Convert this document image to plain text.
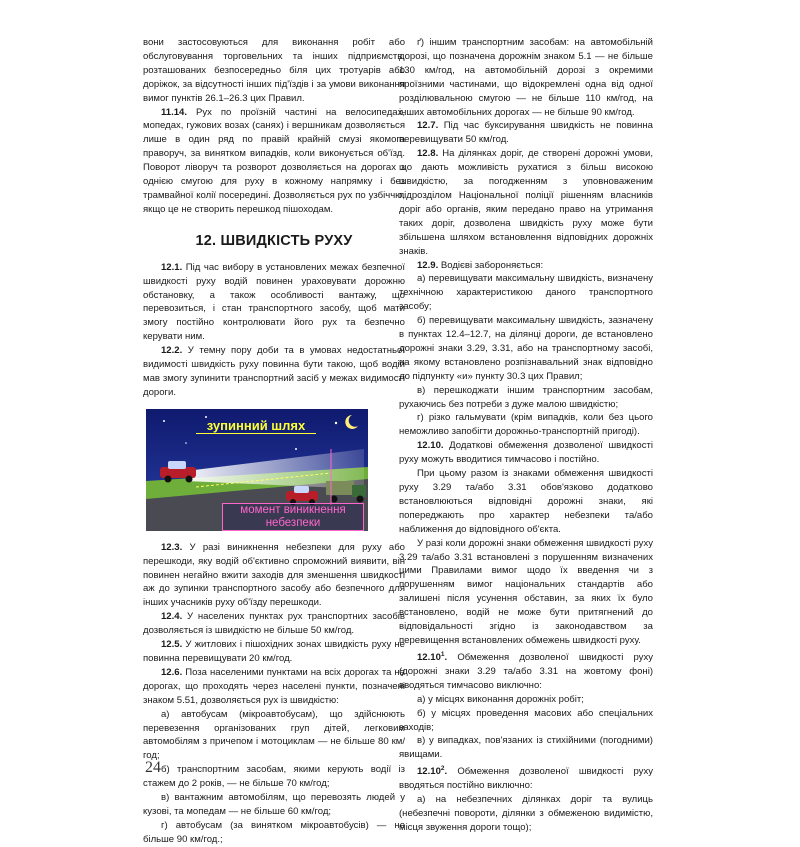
вони застосовуються для виконання робіт або обслуговування торговельних та інших підприємств, розташованих безпосередньо біля цих тротуарів або доріжок, за відсутності інших під'їздів і за умови виконання вимог пунктів 26.1–26.3 цих Правил.

11.14. Рух по проїзній частині на велосипедах, мопедах, гужових возах (санях) і вершникам дозволяється лише в один ряд по правій крайній смузі якомога праворуч, за винятком випадків, коли виконується об'їзд. Поворот ліворуч та розворот дозволяється на дорогах з однією смугою для руху в кожному напрямку і без трамвайної колії посередині. Дозволяється рух по узбіччю, якщо це не створить перешкод пішоходам.

12. ШВИДКІСТЬ РУХУ

12.1. Під час вибору в установлених межах безпечної швидкості руху водій повинен ураховувати дорожню обстановку, а також особливості вантажу, що перевозиться, і стан транспортного засобу, щоб мати змогу постійно контролювати його рух та безпечно керувати ним.

12.2. У темну пору доби та в умовах недостатньої видимості швидкість руху повинна бути такою, щоб водій мав змогу зупинити транспортний засіб у межах видимості дороги.

зупинний шлях
момент виникнення
небезпеки

12.3. У разі виникнення небезпеки для руху або перешкоди, яку водій об'єктивно спроможний виявити, він повинен негайно вжити заходів для зменшення швидкості аж до зупинки транспортного засобу або безпечного для інших учасників руху об'їзду перешкоди.

12.4. У населених пунктах рух транспортних засобів дозволяється із швидкістю не більше 50 км/год.

12.5. У житлових і пішохідних зонах швидкість руху не повинна перевищувати 20 км/год.

12.6. Поза населеними пунктами на всіх дорогах та на дорогах, що проходять через населені пункти, позначені знаком 5.51, дозволяється рух із швидкістю:

а) автобусам (мікроавтобусам), що здійснюють перевезення організованих груп дітей, легковим автомобілям з причепом і мотоциклам — не більше 80 км/год;

б) транспортним засобам, якими керують водії із стажем до 2 років, — не більше 70 км/год;

в) вантажним автомобілям, що перевозять людей у кузові, та мопедам — не більше 60 км/год;

г) автобусам (за винятком мікроавтобусів) — не більше 90 км/год.;

ґ) іншим транспортним засобам: на автомобільній дорозі, що позначена дорожнім знаком 5.1 — не більше 130 км/год, на автомобільній дорозі з окремими проїзними частинами, що відокремлені одна від одної розділювальною смугою — не більше 110 км/год, на інших автомобільних дорогах — не більше 90 км/год.

12.7. Під час буксирування швидкість не повинна перевищувати 50 км/год.

12.8. На ділянках доріг, де створені дорожні умови, що дають можливість рухатися з більш високою швидкістю, за погодженням з уповноваженим підрозділом Національної поліції рішенням власників доріг або органів, яким передано право на утримання таких доріг, дозволена швидкість руху може бути збільшена шляхом встановлення відповідних дорожніх знаків.

12.9. Водієві забороняється:

а) перевищувати максимальну швидкість, визначену технічною характеристикою даного транспортного засобу;

б) перевищувати максимальну швидкість, зазначену в пунктах 12.4–12.7, на ділянці дороги, де встановлено дорожні знаки 3.29, 3.31, або на транспортному засобі, на якому встановлено розпізнавальний знак відповідно до підпункту «и» пункту 30.3 цих Правил;

в) перешкоджати іншим транспортним засобам, рухаючись без потреби з дуже малою швидкістю;

г) різко гальмувати (крім випадків, коли без цього неможливо запобігти дорожньо-транспортній пригоді).

12.10. Додаткові обмеження дозволеної швидкості руху можуть вводитися тимчасово і постійно.

При цьому разом із знаками обмеження швидкості руху 3.29 та/або 3.31 обов'язково додатково встановлюються відповідні дорожні знаки, які попереджають про характер небезпеки та/або наближення до відповідного об'єкта.

У разі коли дорожні знаки обмеження швидкості руху 3.29 та/або 3.31 встановлені з порушенням визначених цими Правилами вимог щодо їх введення чи з порушенням вимог національних стандартів або залишені після усунення обставин, за яких їх було встановлено, водій не може бути притягнений до відповідальності згідно із законодавством за перевищення встановлених обмежень швидкості руху.

12.10$^1$. Обмеження дозволеної швидкості руху (дорожні знаки 3.29 та/або 3.31 на жовтому фоні) вводяться тимчасово виключно:

а) у місцях виконання дорожніх робіт;

б) у місцях проведення масових або спеціальних заходів;

в) у випадках, пов'язаних із стихійними (погодними) явищами.

12.10$^2$. Обмеження дозволеної швидкості руху вводяться постійно виключно:

а) на небезпечних ділянках доріг та вулиць (небезпечні повороти, ділянки з обмеженою видимістю, місця звуження дороги тощо);

24
